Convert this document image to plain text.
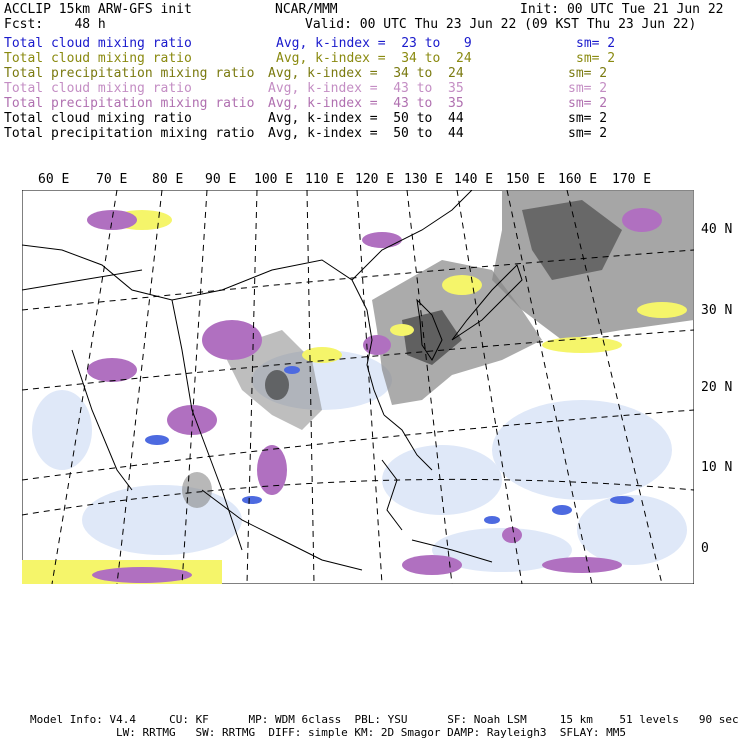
ACCLIP 15km ARW-GFS init
Fcst:    48 h
NCAR/MMM	Init: 00 UTC Tue 21 Jun 22
Valid: 00 UTC Thu 23 Jun 22 (09 KST Thu 23 Jun 22)
Total cloud mixing ratio	Avg, k-index =  23 to   9	sm= 2
Total cloud mixing ratio	Avg, k-index =  34 to  24	sm= 2
Total precipitation mixing ratio Avg, k-index =  34 to  24	sm= 2
Total cloud mixing ratio	Avg, k-index =  43 to  35	sm= 2
Total precipitation mixing ratio Avg, k-index =  43 to  35	sm= 2
Total cloud mixing ratio	Avg, k-index =  50 to  44	sm= 2
Total precipitation mixing ratio Avg, k-index =  50 to  44	sm= 2
60 E 70 E 80 E 90 E 100 E 110 E 120 E 130 E 140 E 150 E 160 E 170 E
40 N
30 N
20 N
10 N
0
Model Info: V4.4     CU: KF      MP: WDM 6class  PBL: YSU      SF: Noah LSM     15 km    51 levels   90 sec
LW: RRTMG   SW: RRTMG  DIFF: simple KM: 2D Smagor DAMP: Rayleigh3  SFLAY: MM5
